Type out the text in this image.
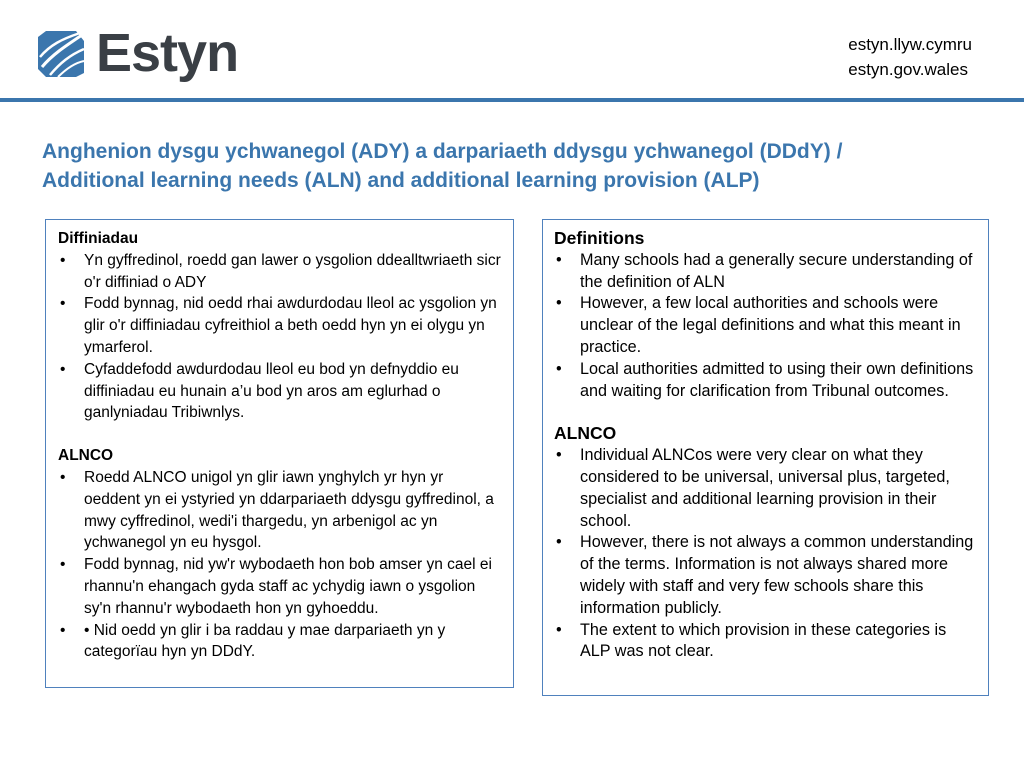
Estyn	estyn.llyw.cymru
estyn.gov.wales
Anghenion dysgu ychwanegol (ADY) a darpariaeth ddysgu ychwanegol (DDdY) /
Additional learning needs (ALN) and additional learning provision (ALP)
Diffiniadau
• Yn gyffredinol, roedd gan lawer o ysgolion ddealltwriaeth sicr o'r diffiniad o ADY
• Fodd bynnag, nid oedd rhai awdurdodau lleol ac ysgolion yn glir o'r diffiniadau cyfreithiol a beth oedd hyn yn ei olygu yn ymarferol.
• Cyfaddefodd awdurdodau lleol eu bod yn defnyddio eu diffiniadau eu hunain a’u bod yn aros am eglurhad o ganlyniadau Tribiwnlys.
ALNCO
• Roedd ALNCO unigol yn glir iawn ynghylch yr hyn yr oeddent yn ei ystyried yn ddarpariaeth ddysgu gyffredinol, a mwy cyffredinol, wedi'i thargedu, yn arbenigol ac yn ychwanegol yn eu hysgol.
• Fodd bynnag, nid yw'r wybodaeth hon bob amser yn cael ei rhannu'n ehangach gyda staff ac ychydig iawn o ysgolion sy'n rhannu'r wybodaeth hon yn gyhoeddu.
• • Nid oedd yn glir i ba raddau y mae darpariaeth yn y categorïau hyn yn DDdY.
Definitions
• Many schools had a generally secure understanding of the definition of ALN
• However, a few local authorities and schools were unclear of the legal definitions and what this meant in practice.
• Local authorities admitted to using their own definitions and waiting for clarification from Tribunal outcomes.
ALNCO
• Individual ALNCos were very clear on what they considered to be universal, universal plus, targeted, specialist and additional learning provision in their school.
• However, there is not always a common understanding of the terms. Information is not always shared more widely with staff and very few schools share this information publicly.
• The extent to which provision in these categories is ALP was not clear.
